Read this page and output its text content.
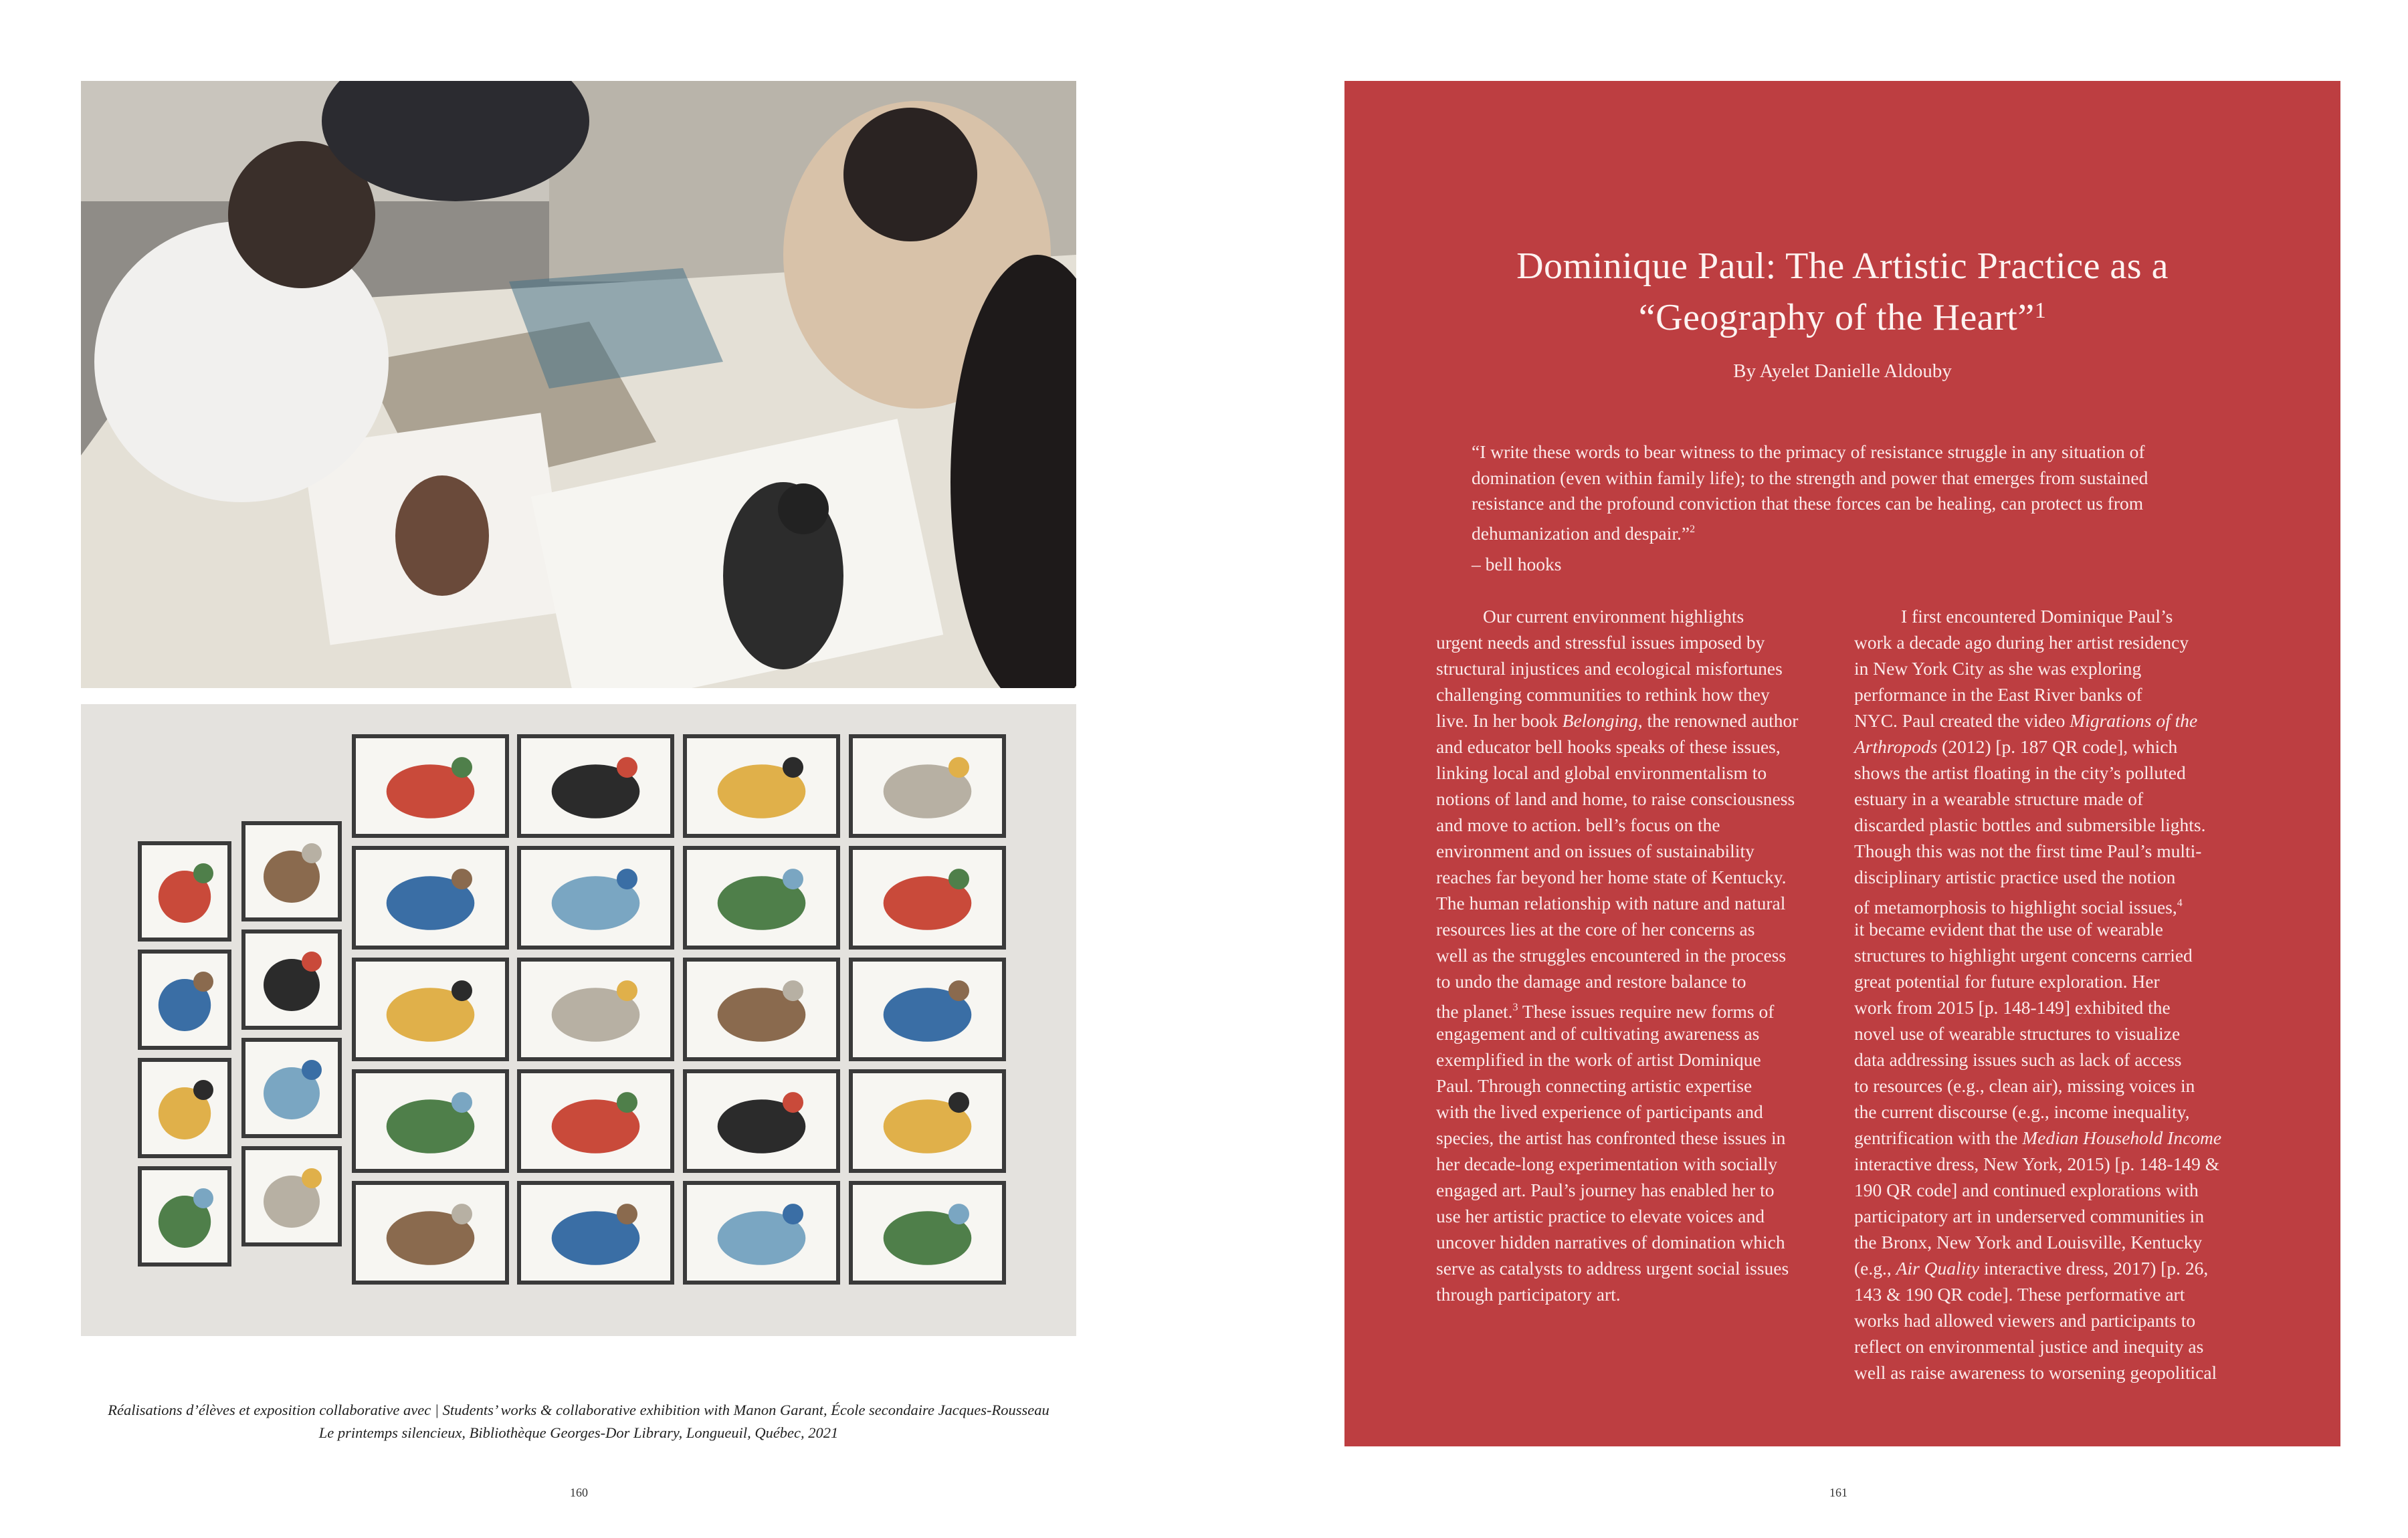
Réalisations d’élèves et exposition collaborative avec | Students’ works & collaborative exhibition with Manon Garant, École secondaire Jacques-Rousseau
Le printemps silencieux, Bibliothèque Georges-Dor Library, Longueuil, Québec, 2021
160
Dominique Paul: The Artistic Practice as a
“Geography of the Heart”$^1$
By Ayelet Danielle Aldouby
“I write these words to bear witness to the primacy of resistance struggle in any situation of domination (even within family life); to the strength and power that emerges from sustained resistance and the profound conviction that these forces can be healing, can protect us from dehumanization and despair.”$^2$
– bell hooks
Our current environment highlights
urgent needs and stressful issues imposed by
structural injustices and ecological misfortunes
challenging communities to rethink how they
live. In her book Belonging, the renowned author
and educator bell hooks speaks of these issues,
linking local and global environmentalism to
notions of land and home, to raise consciousness
and move to action. bell’s focus on the
environment and on issues of sustainability
reaches far beyond her home state of Kentucky.
The human relationship with nature and natural
resources lies at the core of her concerns as
well as the struggles encountered in the process
to undo the damage and restore balance to
the planet.$^3$ These issues require new forms of
engagement and of cultivating awareness as
exemplified in the work of artist Dominique
Paul. Through connecting artistic expertise
with the lived experience of participants and
species, the artist has confronted these issues in
her decade-long experimentation with socially
engaged art. Paul’s journey has enabled her to
use her artistic practice to elevate voices and
uncover hidden narratives of domination which
serve as catalysts to address urgent social issues
through participatory art.
I first encountered Dominique Paul’s
work a decade ago during her artist residency
in New York City as she was exploring
performance in the East River banks of
NYC. Paul created the video Migrations of the
Arthropods (2012) [p. 187 QR code], which
shows the artist floating in the city’s polluted
estuary in a wearable structure made of
discarded plastic bottles and submersible lights.
Though this was not the first time Paul’s multi-
disciplinary artistic practice used the notion
of metamorphosis to highlight social issues,$^4$
it became evident that the use of wearable
structures to highlight urgent concerns carried
great potential for future exploration. Her
work from 2015 [p. 148-149] exhibited the
novel use of wearable structures to visualize
data addressing issues such as lack of access
to resources (e.g., clean air), missing voices in
the current discourse (e.g., income inequality,
gentrification with the Median Household Income
interactive dress, New York, 2015) [p. 148-149 &
190 QR code] and continued explorations with
participatory art in underserved communities in
the Bronx, New York and Louisville, Kentucky
(e.g., Air Quality interactive dress, 2017) [p. 26,
143 & 190 QR code]. These performative art
works had allowed viewers and participants to
reflect on environmental justice and inequity as
well as raise awareness to worsening geopolitical
161
